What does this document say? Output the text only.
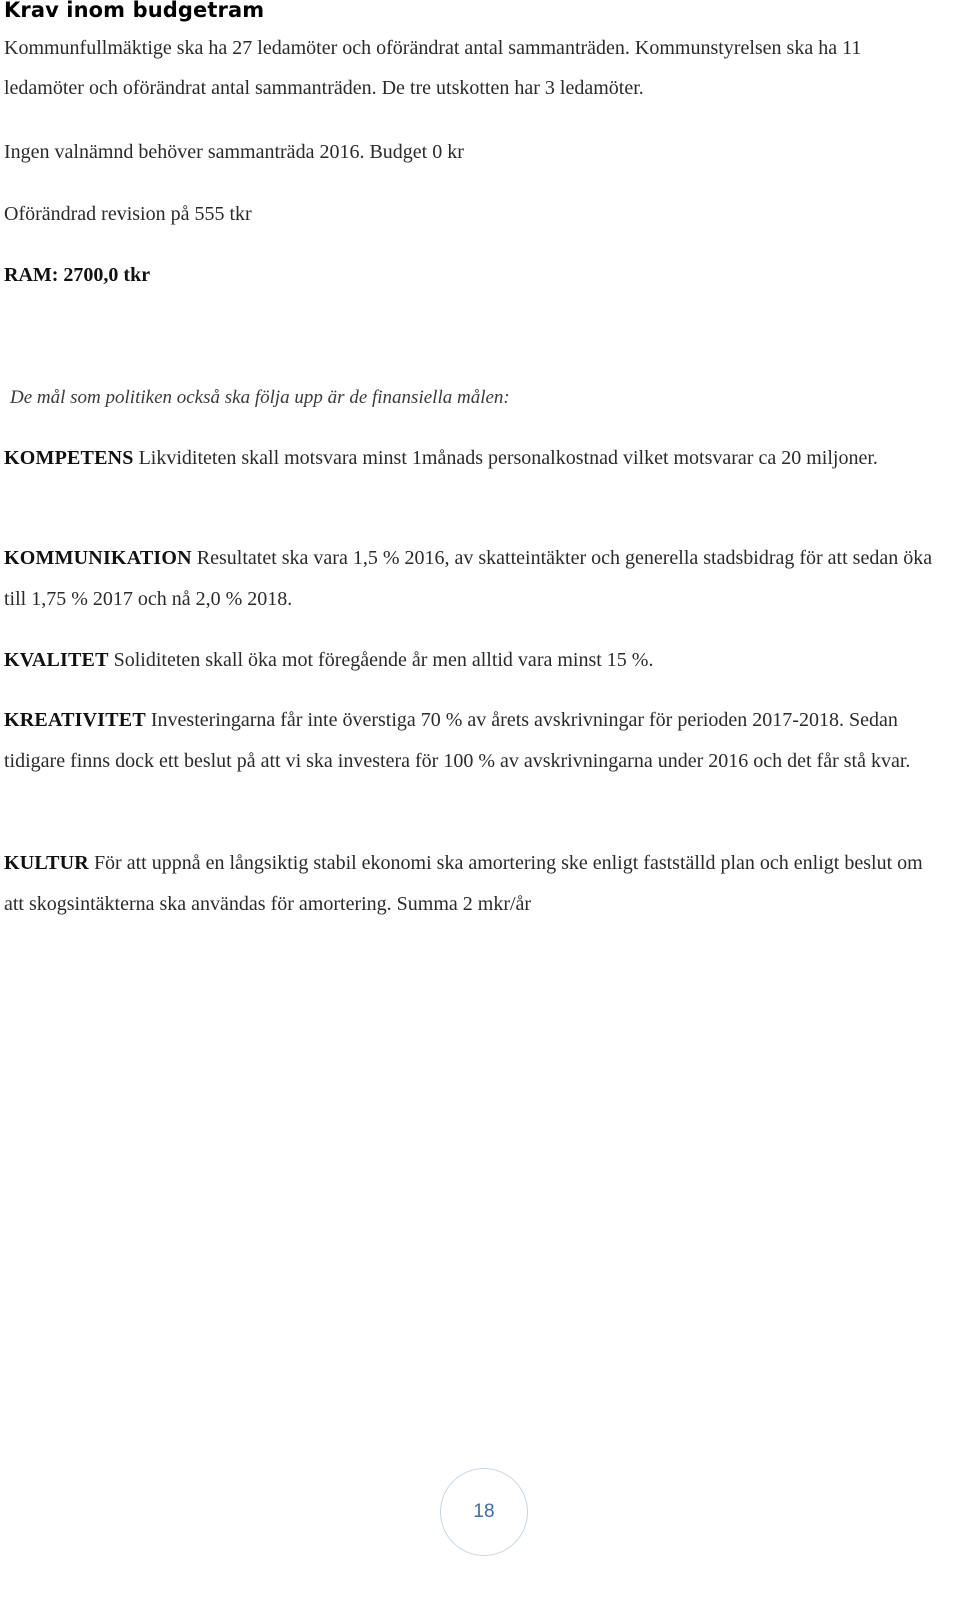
Krav inom budgetram

Kommunfullmäktige ska ha 27 ledamöter och oförändrat antal sammanträden. Kommunstyrelsen ska ha 11 ledamöter och oförändrat antal sammanträden. De tre utskotten har 3 ledamöter.

Ingen valnämnd behöver sammanträda 2016. Budget 0 kr

Oförändrad revision på 555 tkr

RAM: 2700,0 tkr

De mål som politiken också ska följa upp är de finansiella målen:

KOMPETENS Likviditeten skall motsvara minst 1månads personalkostnad vilket motsvarar ca 20 miljoner.

KOMMUNIKATION Resultatet ska vara 1,5 % 2016, av skatteintäkter och generella stadsbidrag för att sedan öka till 1,75 % 2017 och nå 2,0 % 2018.

KVALITET Soliditeten skall öka mot föregående år men alltid vara minst 15 %.

KREATIVITET Investeringarna får inte överstiga 70 % av årets avskrivningar för perioden 2017-2018. Sedan tidigare finns dock ett beslut på att vi ska investera för 100 % av avskrivningarna under 2016 och det får stå kvar.

KULTUR För att uppnå en långsiktig stabil ekonomi ska amortering ske enligt fastställd plan och enligt beslut om att skogsintäkterna ska användas för amortering. Summa 2 mkr/år

18
